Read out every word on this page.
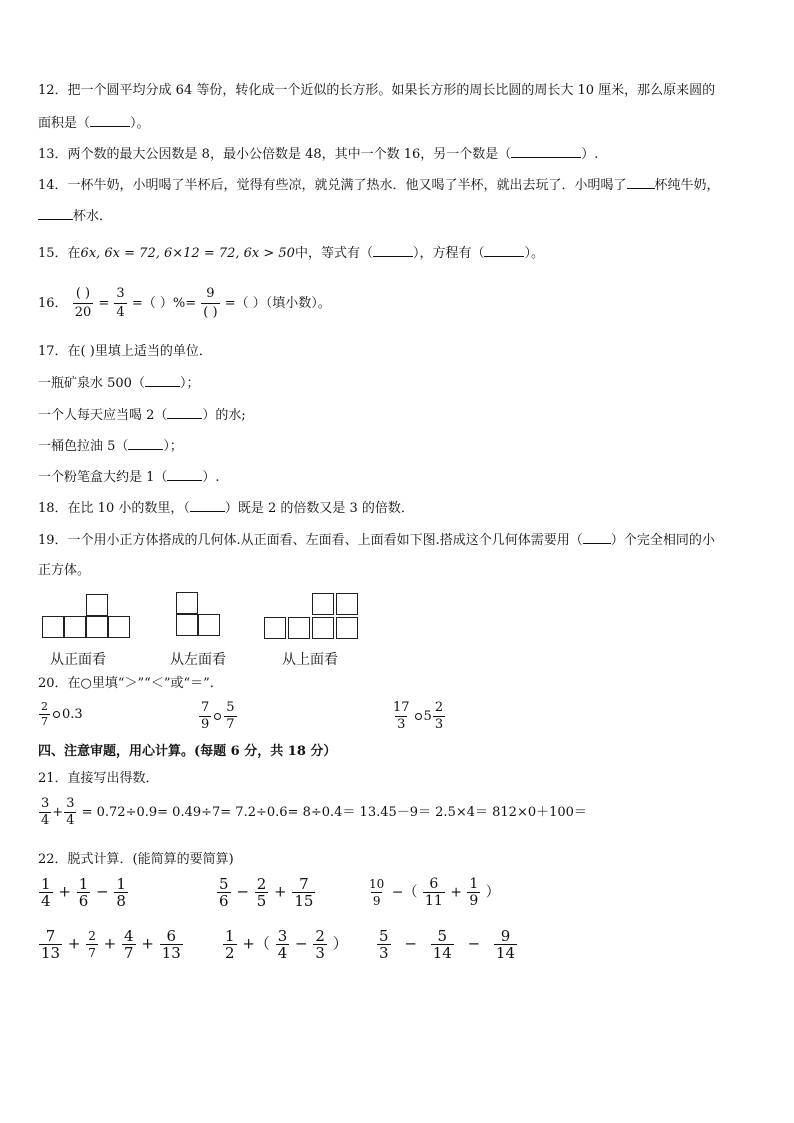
12．把一个圆平均分成 64 等份，转化成一个近似的长方形。如果长方形的周长比圆的周长大 10 厘米，那么原来圆的
面积是（	）。
13．两个数的最大公因数是 8，最小公倍数是 48，其中一个数 16，另一个数是（	）.
14．一杯牛奶，小明喝了半杯后，觉得有些凉，就兑满了热水．他又喝了半杯，就出去玩了．小明喝了 杯纯牛奶，
杯水．
15．在6x, 6x = 72, 6×12 = 72, 6x > 50中，等式有（	），方程有（	）。
16． $\frac{( )}{20} = \frac{3}{4}$ =（ ）%= $\frac{9}{( )}$ =（ ）（填小数）。
17．在( )里填上适当的单位．
一瓶矿泉水 500（	）；
一个人每天应当喝 2（	）的水;
一桶色拉油 5（	）；
一个粉笔盒大约是 1（	）.
18．在比 10 小的数里，（	）既是 2 的倍数又是 3 的倍数．
19．一个用小正方体搭成的几何体.从正面看、左面看、上面看如下图.搭成这个几何体需要用（ ）个完全相同的小
正方体。
从正面看	从左面看	从上面看
20．在○里填“＞”“＜”或“＝”．
$\frac{2}{7} 0.3$	$\frac{7}{9} \frac{5}{7}$	$\frac{17}{3} 5 \frac{2}{3}$
四、注意审题，用心计算。(每题 6 分，共 18 分）
21．直接写出得数．
$\frac{3}{4} + \frac{3}{4} = 0.72\div 0.9= 0.49\div 7= 7.2\div 0.6= 8\div 0.4= 13.45-9= 2.5\times 4= 812\times 0+100=$
22．脱式计算．(能简算的要简算)
$\frac{1}{4} + \frac{1}{6} - \frac{1}{8}$	$\frac{5}{6} - \frac{2}{5} + \frac{7}{15}$	$\frac{10}{9}$ −（ $\frac{6}{11} + \frac{1}{9}$ ）
$\frac{7}{13} + \frac{2}{7} + \frac{4}{7} + \frac{6}{13}$	$\frac{1}{2}$ +（ $\frac{3}{4} - \frac{2}{3}$ ） $\frac{5}{3} - \frac{5}{14} - \frac{9}{14}$
